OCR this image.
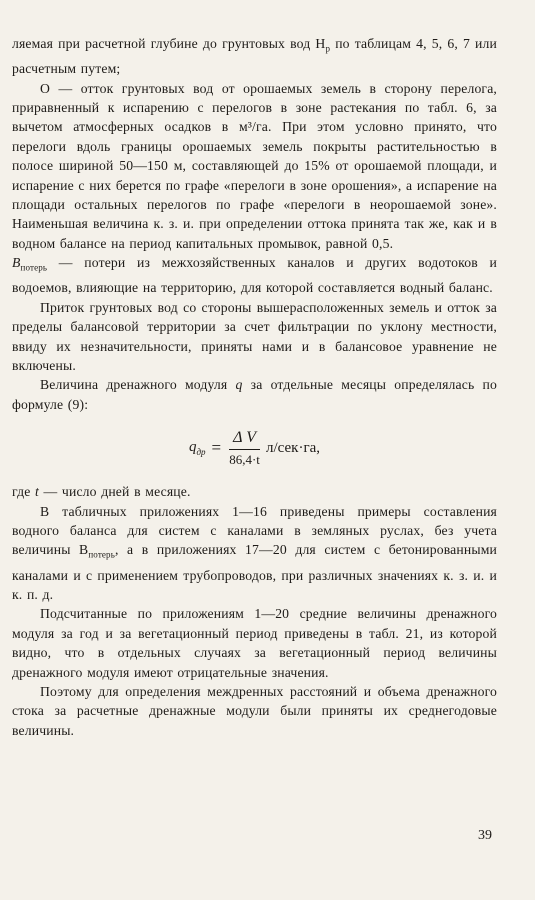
ляемая при расчетной глубине до грунтовых вод $H_р$ по таблицам 4, 5, 6, 7 или расчетным путем;

O — отток грунтовых вод от орошаемых земель в сторону перелога, приравненный к испарению с перелогов в зоне растекания по табл. 6, за вычетом атмосферных осадков в м³/га. При этом условно принято, что перелоги вдоль границы орошаемых земель покрыты растительностью в полосе шириной 50—150 м, составляющей до 15% от орошаемой площади, и испарение с них берется по графе «перелоги в зоне орошения», а испарение на площади остальных перелогов по графе «перелоги в неорошаемой зоне». Наименьшая величина к. з. и. при определении оттока принята так же, как и в водном балансе на период капитальных промывок, равной 0,5.

$B_{потерь}$ — потери из межхозяйственных каналов и других водотоков и водоемов, влияющие на территорию, для которой составляется водный баланс.

Приток грунтовых вод со стороны вышерасположенных земель и отток за пределы балансовой территории за счет фильтрации по уклону местности, ввиду их незначительности, приняты нами и в балансовое уравнение не включены.

Величина дренажного модуля q за отдельные месяцы определялась по формуле (9):

$q_{др} = \frac{\text{Δ V}}{86,4\cdot t} л/сек\cdot га$,

где t — число дней в месяце.

В табличных приложениях 1—16 приведены примеры составления водного баланса для систем с каналами в земляных руслах, без учета величины $B_{потерь}$, а в приложениях 17—20 для систем с бетонированными каналами и с применением трубопроводов, при различных значениях к. з. и. и к. п. д.

Подсчитанные по приложениям 1—20 средние величины дренажного модуля за год и за вегетационный период приведены в табл. 21, из которой видно, что в отдельных случаях за вегетационный период величины дренажного модуля имеют отрицательные значения.

Поэтому для определения междренных расстояний и объема дренажного стока за расчетные дренажные модули были приняты их среднегодовые величины.

39
